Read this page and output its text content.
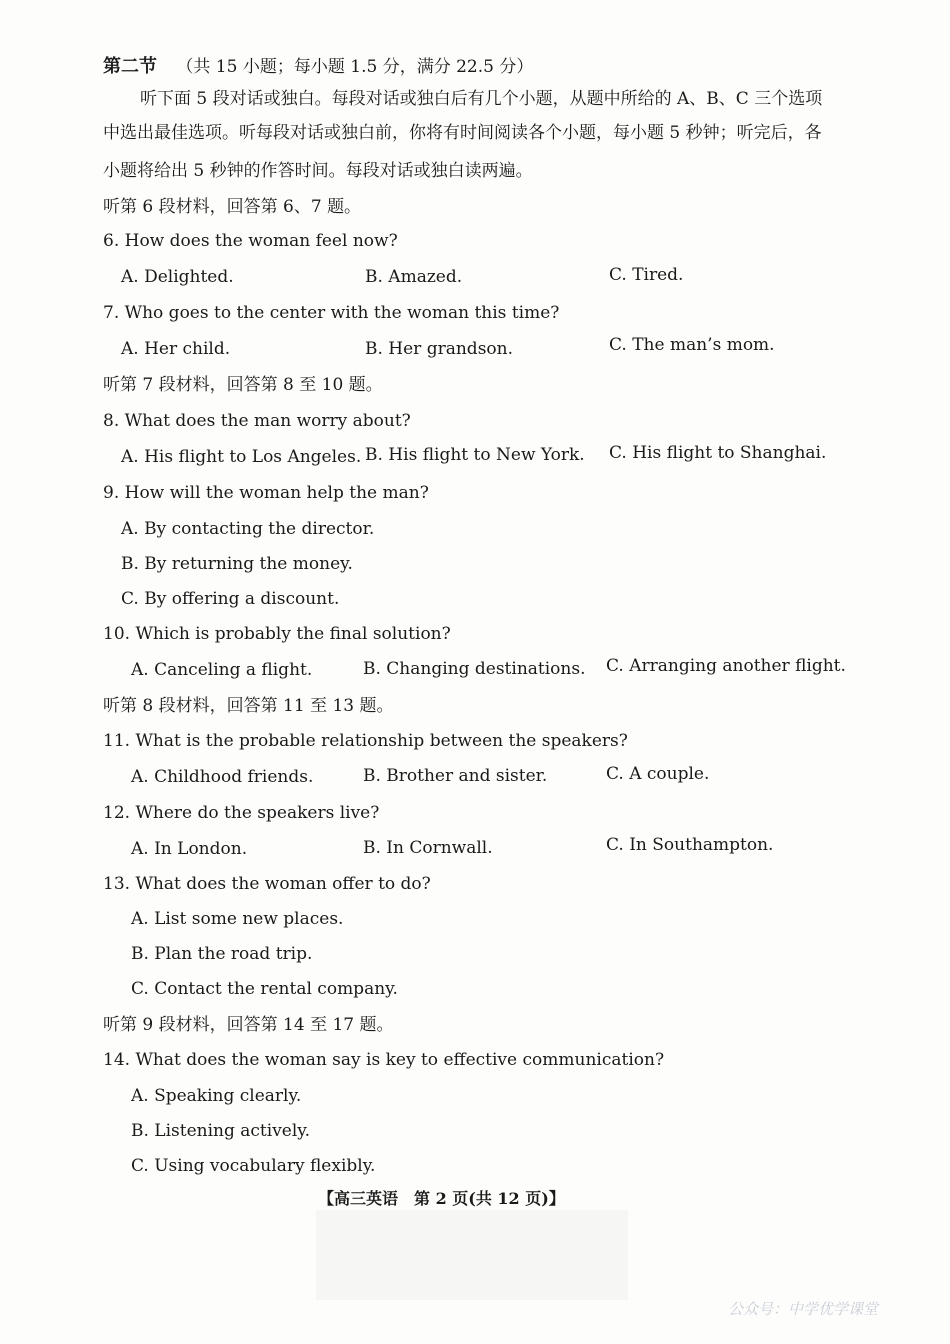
第二节 （共 15 小题；每小题 1.5 分，满分 22.5 分）
听下面 5 段对话或独白。每段对话或独白后有几个小题，从题中所给的 A、B、C 三个选项
中选出最佳选项。听每段对话或独白前，你将有时间阅读各个小题，每小题 5 秒钟；听完后，各
小题将给出 5 秒钟的作答时间。每段对话或独白读两遍。
听第 6 段材料，回答第 6、7 题。
6. How does the woman feel now?
A. Delighted.	B. Amazed.	C. Tired.
7. Who goes to the center with the woman this time?
A. Her child.	B. Her grandson.	C. The man’s mom.
听第 7 段材料，回答第 8 至 10 题。
8. What does the man worry about?
A. His flight to Los Angeles. B. His flight to New York. C. His flight to Shanghai.
9. How will the woman help the man?
A. By contacting the director.
B. By returning the money.
C. By offering a discount.
10. Which is probably the final solution?
A. Canceling a flight.	B. Changing destinations. C. Arranging another flight.
听第 8 段材料，回答第 11 至 13 题。
11. What is the probable relationship between the speakers?
A. Childhood friends.	B. Brother and sister.	C. A couple.
12. Where do the speakers live?
A. In London.	B. In Cornwall.	C. In Southampton.
13. What does the woman offer to do?
A. List some new places.
B. Plan the road trip.
C. Contact the rental company.
听第 9 段材料，回答第 14 至 17 题。
14. What does the woman say is key to effective communication?
A. Speaking clearly.
B. Listening actively.
C. Using vocabulary flexibly.
【高三英语　第 2 页(共 12 页)】
公众号：中学优学课堂
